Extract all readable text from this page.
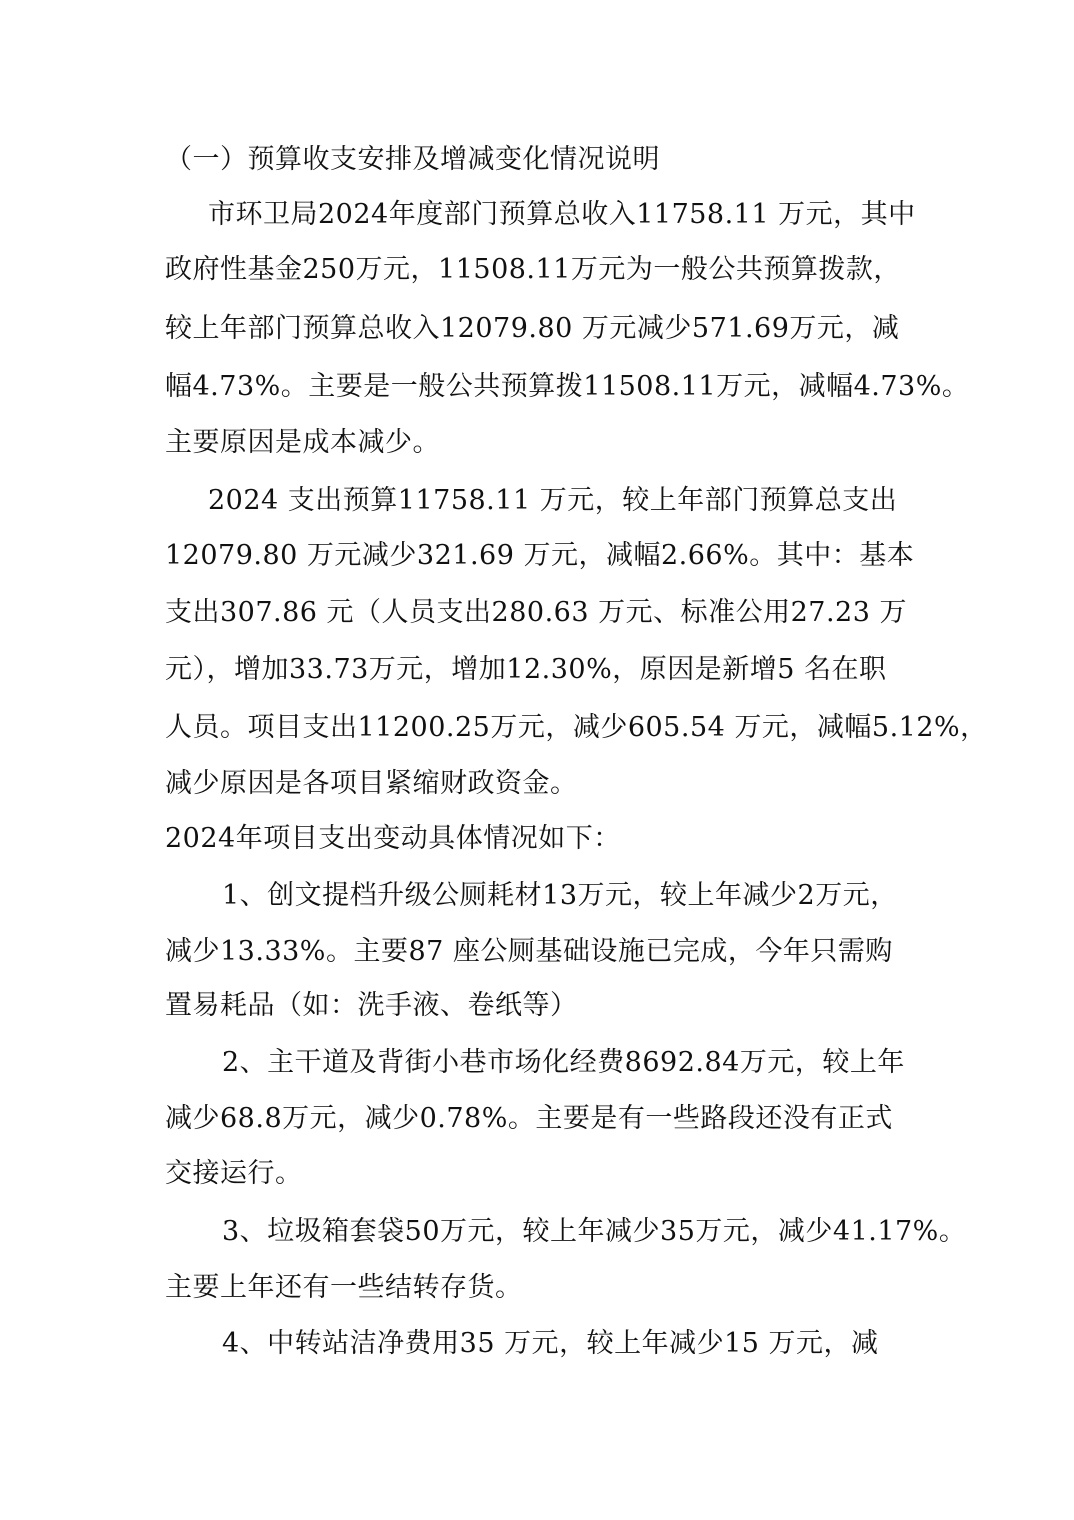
（一）预算收支安排及增减变化情况说明
市环卫局2024年度部门预算总收入11758.11 万元，其中
政府性基金250万元，11508.11万元为一般公共预算拨款，
较上年部门预算总收入12079.80 万元减少571.69万元，减
幅4.73%。主要是一般公共预算拨11508.11万元，减幅4.73%。
主要原因是成本减少。
2024 支出预算11758.11 万元，较上年部门预算总支出
12079.80 万元减少321.69 万元，减幅2.66%。其中：基本
支出307.86 元（人员支出280.63 万元、标准公用27.23 万
元），增加33.73万元，增加12.30%，原因是新增5 名在职
人员。项目支出11200.25万元，减少605.54 万元，减幅5.12%，
减少原因是各项目紧缩财政资金。
2024年项目支出变动具体情况如下：
1、创文提档升级公厕耗材13万元，较上年减少2万元，
减少13.33%。主要87 座公厕基础设施已完成，今年只需购
置易耗品（如：洗手液、卷纸等）
2、主干道及背街小巷市场化经费8692.84万元，较上年
减少68.8万元，减少0.78%。主要是有一些路段还没有正式
交接运行。
3、垃圾箱套袋50万元，较上年减少35万元，减少41.17%。
主要上年还有一些结转存货。
4、中转站洁净费用35 万元，较上年减少15 万元，减
